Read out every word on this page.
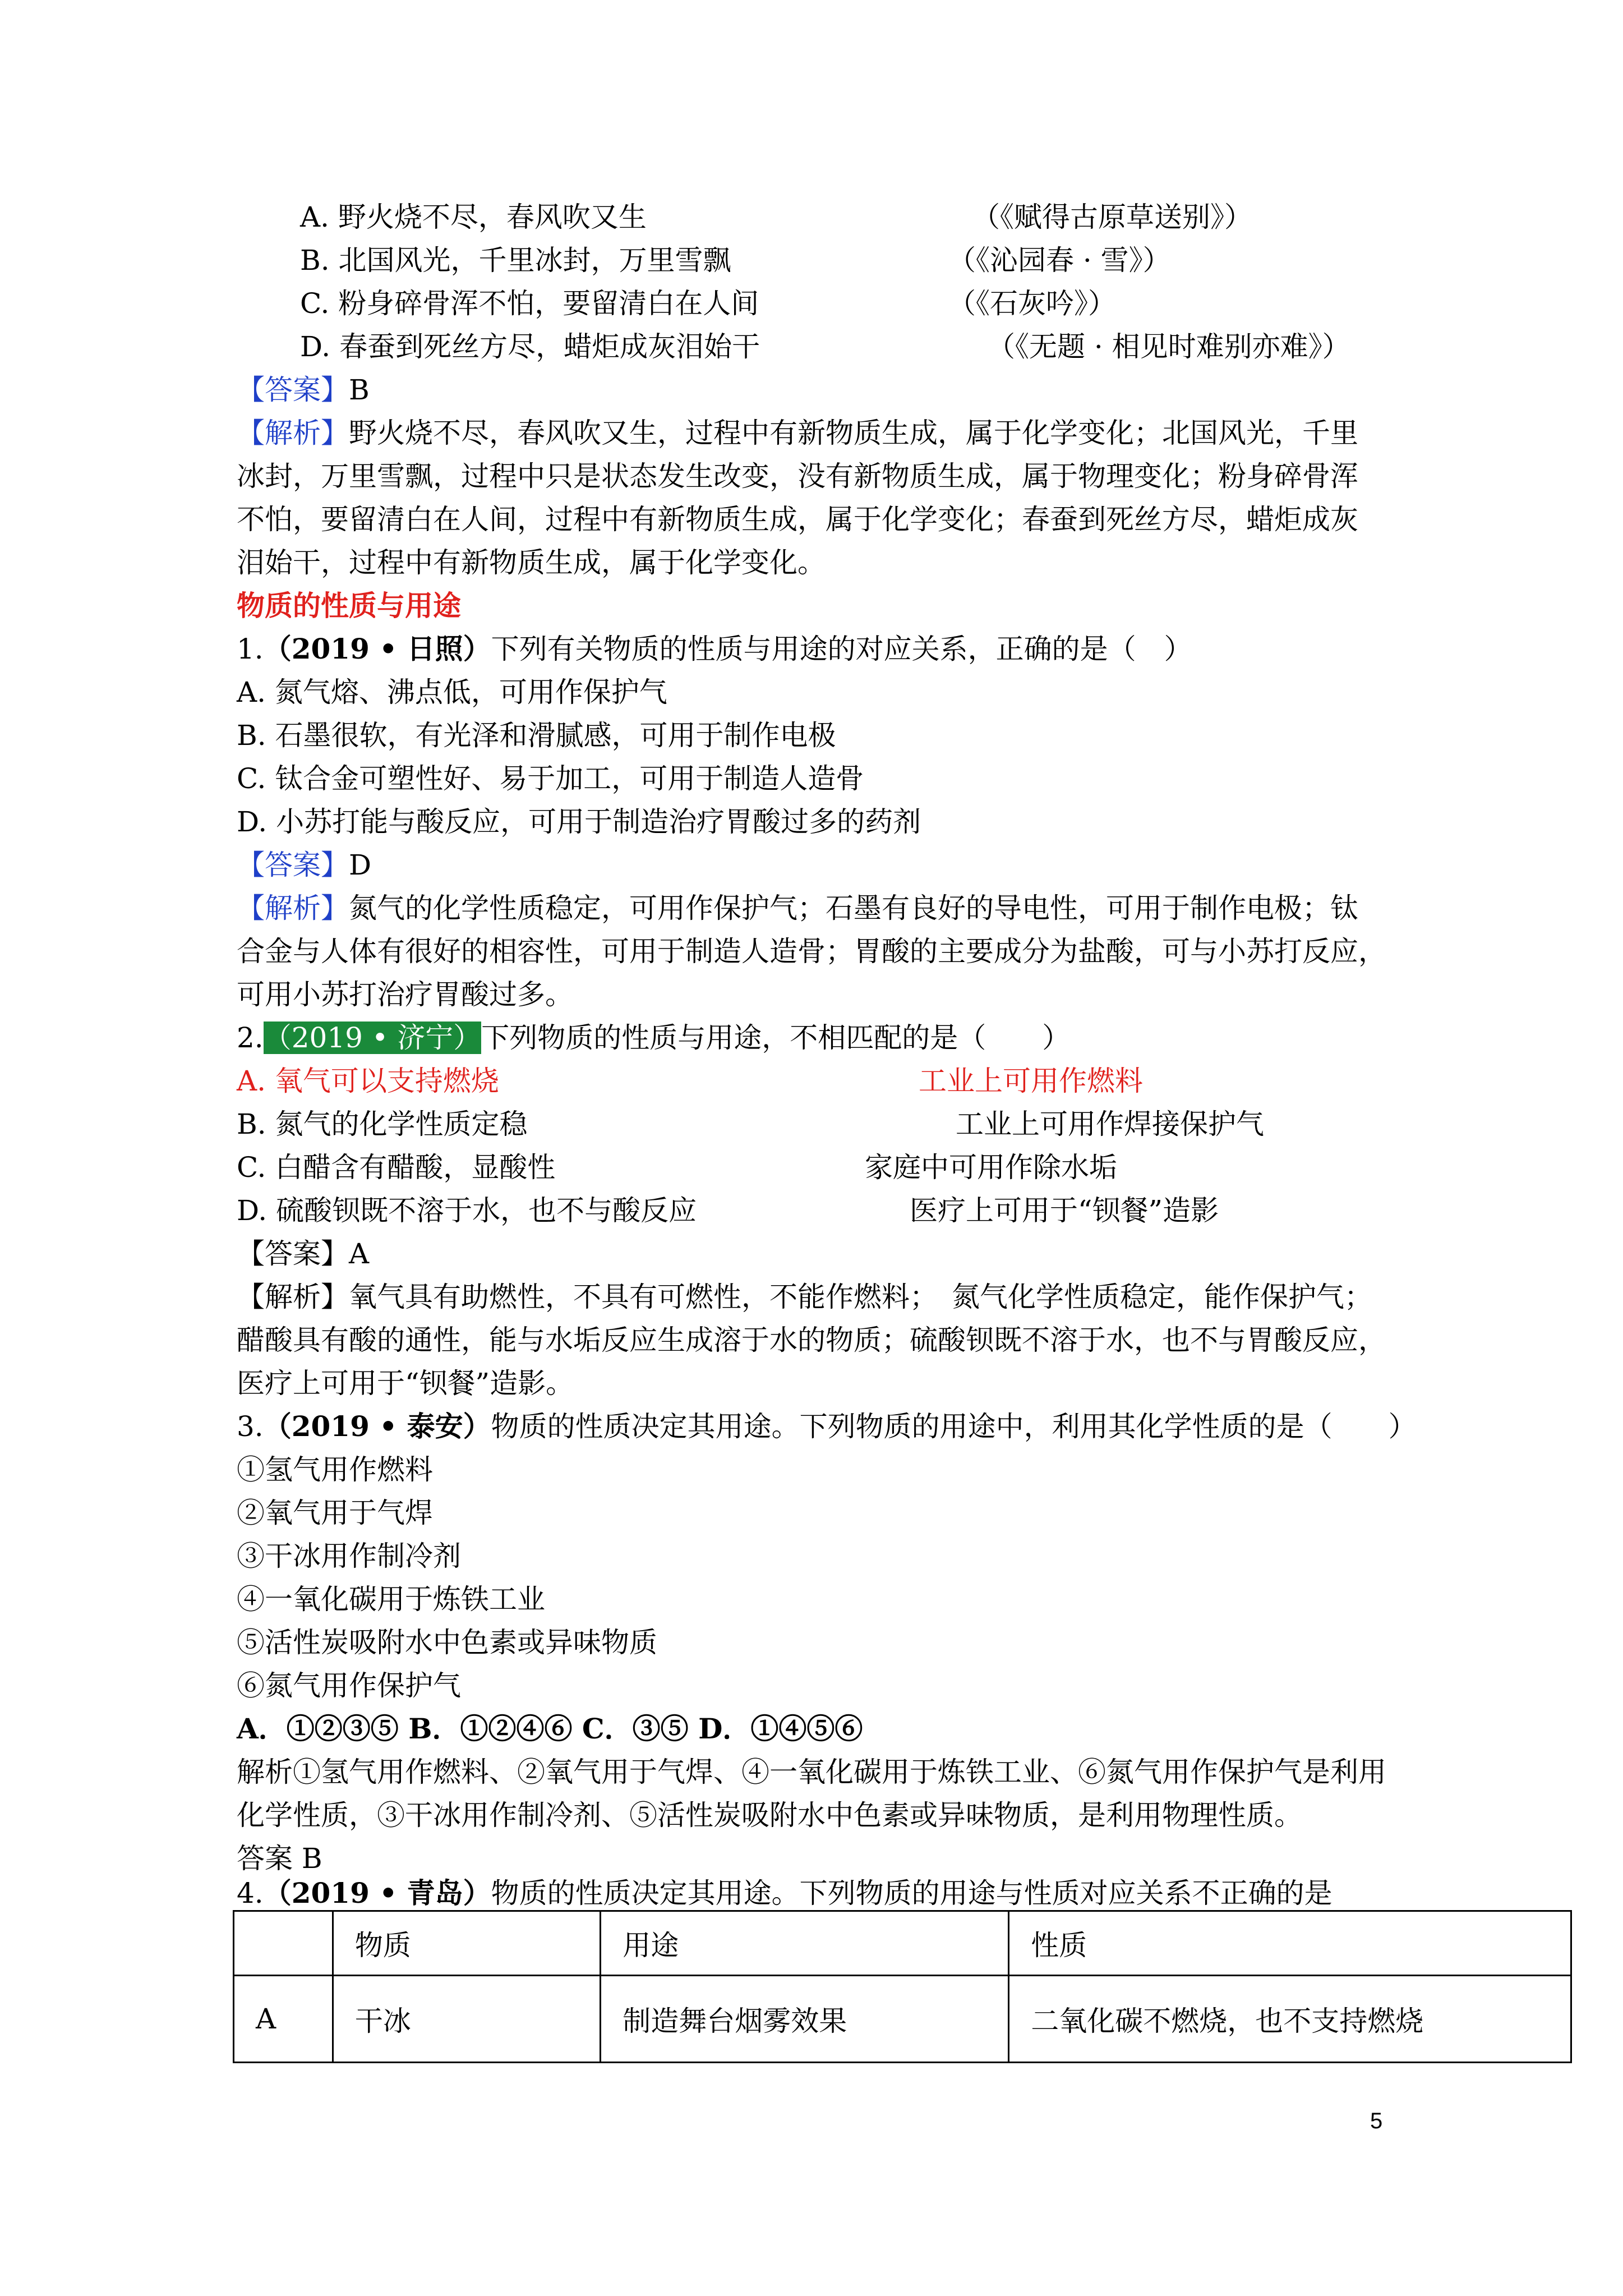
A. 野火烧不尽，春风吹又生	（《赋得古原草送别》）
B. 北国风光，千里冰封，万里雪飘	（《沁园春 · 雪》）
C. 粉身碎骨浑不怕，要留清白在人间	（《石灰吟》）
D. 春蚕到死丝方尽，蜡炬成灰泪始干	（《无题 · 相见时难别亦难》）
【答案】B
【解析】野火烧不尽，春风吹又生，过程中有新物质生成，属于化学变化；北国风光，千里
冰封，万里雪飘，过程中只是状态发生改变，没有新物质生成，属于物理变化；粉身碎骨浑
不怕，要留清白在人间，过程中有新物质生成，属于化学变化；春蚕到死丝方尽，蜡炬成灰
泪始干，过程中有新物质生成，属于化学变化。
物质的性质与用途
1.（2019 • 日照）下列有关物质的性质与用途的对应关系，正确的是（　）
A. 氮气熔、沸点低，可用作保护气
B. 石墨很软，有光泽和滑腻感，可用于制作电极
C. 钛合金可塑性好、易于加工，可用于制造人造骨
D. 小苏打能与酸反应，可用于制造治疗胃酸过多的药剂
【答案】D
【解析】氮气的化学性质稳定，可用作保护气；石墨有良好的导电性，可用于制作电极；钛
合金与人体有很好的相容性，可用于制造人造骨；胃酸的主要成分为盐酸，可与小苏打反应，
可用小苏打治疗胃酸过多。
2.（2019 • 济宁）下列物质的性质与用途，不相匹配的是（　　）
A. 氧气可以支持燃烧	工业上可用作燃料
B. 氮气的化学性质定稳	工业上可用作焊接保护气
C. 白醋含有醋酸，显酸性	家庭中可用作除水垢
D. 硫酸钡既不溶于水，也不与酸反应	医疗上可用于“钡餐”造影
【答案】A
【解析】氧气具有助燃性，不具有可燃性，不能作燃料；　氮气化学性质稳定，能作保护气；
醋酸具有酸的通性，能与水垢反应生成溶于水的物质；硫酸钡既不溶于水，也不与胃酸反应，
医疗上可用于“钡餐”造影。
3.（2019 • 泰安）物质的性质决定其用途。下列物质的用途中，利用其化学性质的是（　　）
①氢气用作燃料
②氧气用于气焊
③干冰用作制冷剂
④一氧化碳用于炼铁工业
⑤活性炭吸附水中色素或异味物质
⑥氮气用作保护气
A．①②③⑤ B．①②④⑥ C．③⑤ D．①④⑤⑥
解析①氢气用作燃料、②氧气用于气焊、④一氧化碳用于炼铁工业、⑥氮气用作保护气是利用
化学性质，③干冰用作制冷剂、⑤活性炭吸附水中色素或异味物质，是利用物理性质。
答案 B
4.（2019 • 青岛）物质的性质决定其用途。下列物质的用途与性质对应关系不正确的是
	物质	用途	性质
A	干冰	制造舞台烟雾效果	二氧化碳不燃烧，也不支持燃烧
5
